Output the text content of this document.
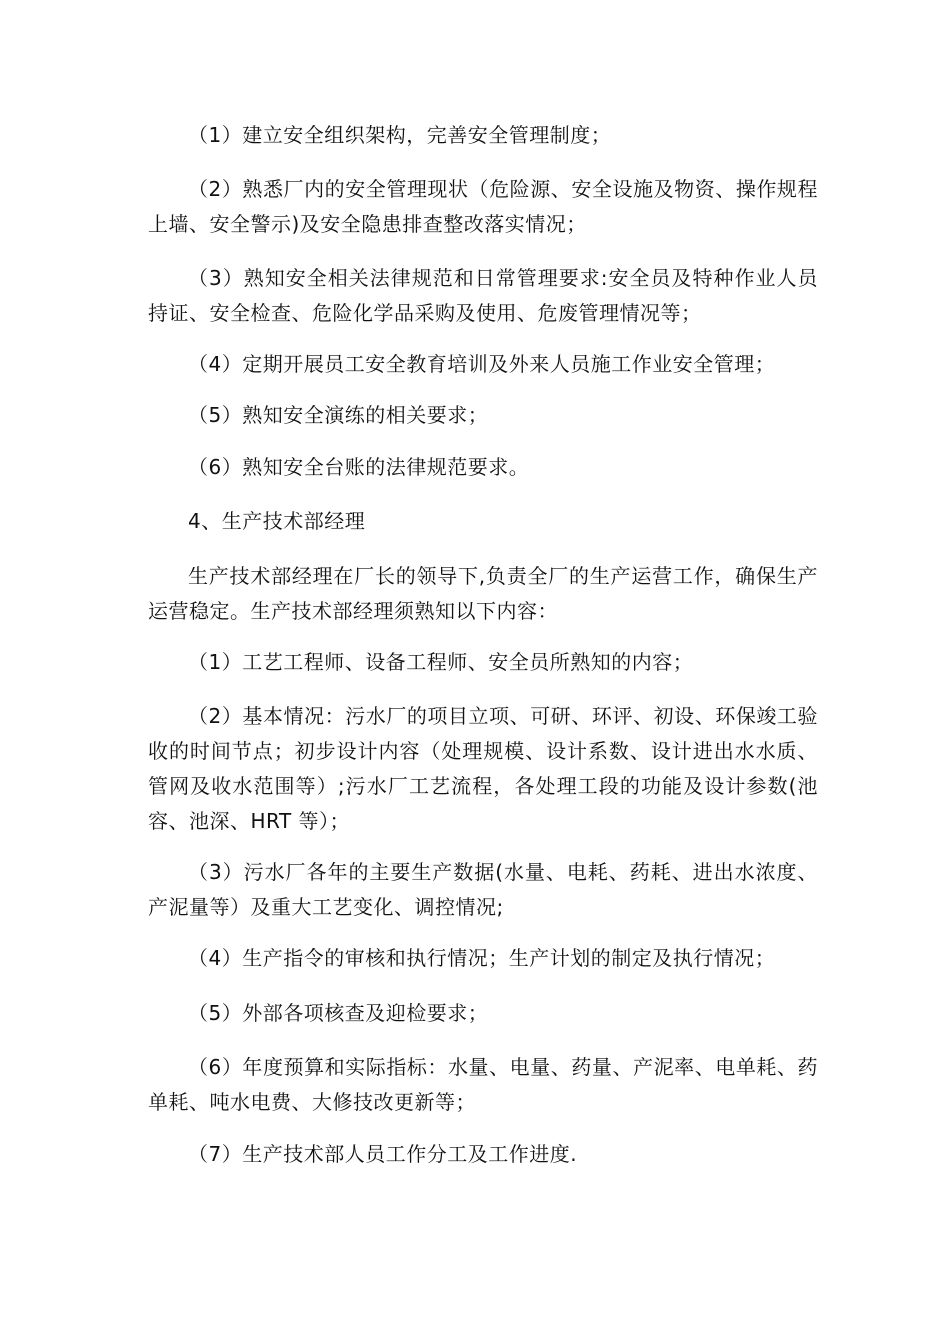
（1）建立安全组织架构，完善安全管理制度；

（2）熟悉厂内的安全管理现状（危险源、安全设施及物资、操作规程上墙、安全警示)及安全隐患排查整改落实情况；

（3）熟知安全相关法律规范和日常管理要求:安全员及特种作业人员持证、安全检查、危险化学品采购及使用、危废管理情况等；

（4）定期开展员工安全教育培训及外来人员施工作业安全管理；

（5）熟知安全演练的相关要求；

（6）熟知安全台账的法律规范要求。

4、生产技术部经理

生产技术部经理在厂长的领导下,负责全厂的生产运营工作，确保生产运营稳定。生产技术部经理须熟知以下内容：

（1）工艺工程师、设备工程师、安全员所熟知的内容；

（2）基本情况：污水厂的项目立项、可研、环评、初设、环保竣工验收的时间节点；初步设计内容（处理规模、设计系数、设计进出水水质、管网及收水范围等）;污水厂工艺流程，各处理工段的功能及设计参数(池容、池深、HRT 等）；

（3）污水厂各年的主要生产数据(水量、电耗、药耗、进出水浓度、产泥量等）及重大工艺变化、调控情况;

（4）生产指令的审核和执行情况；生产计划的制定及执行情况；

（5）外部各项核查及迎检要求；

（6）年度预算和实际指标：水量、电量、药量、产泥率、电单耗、药单耗、吨水电费、大修技改更新等；

（7）生产技术部人员工作分工及工作进度.
